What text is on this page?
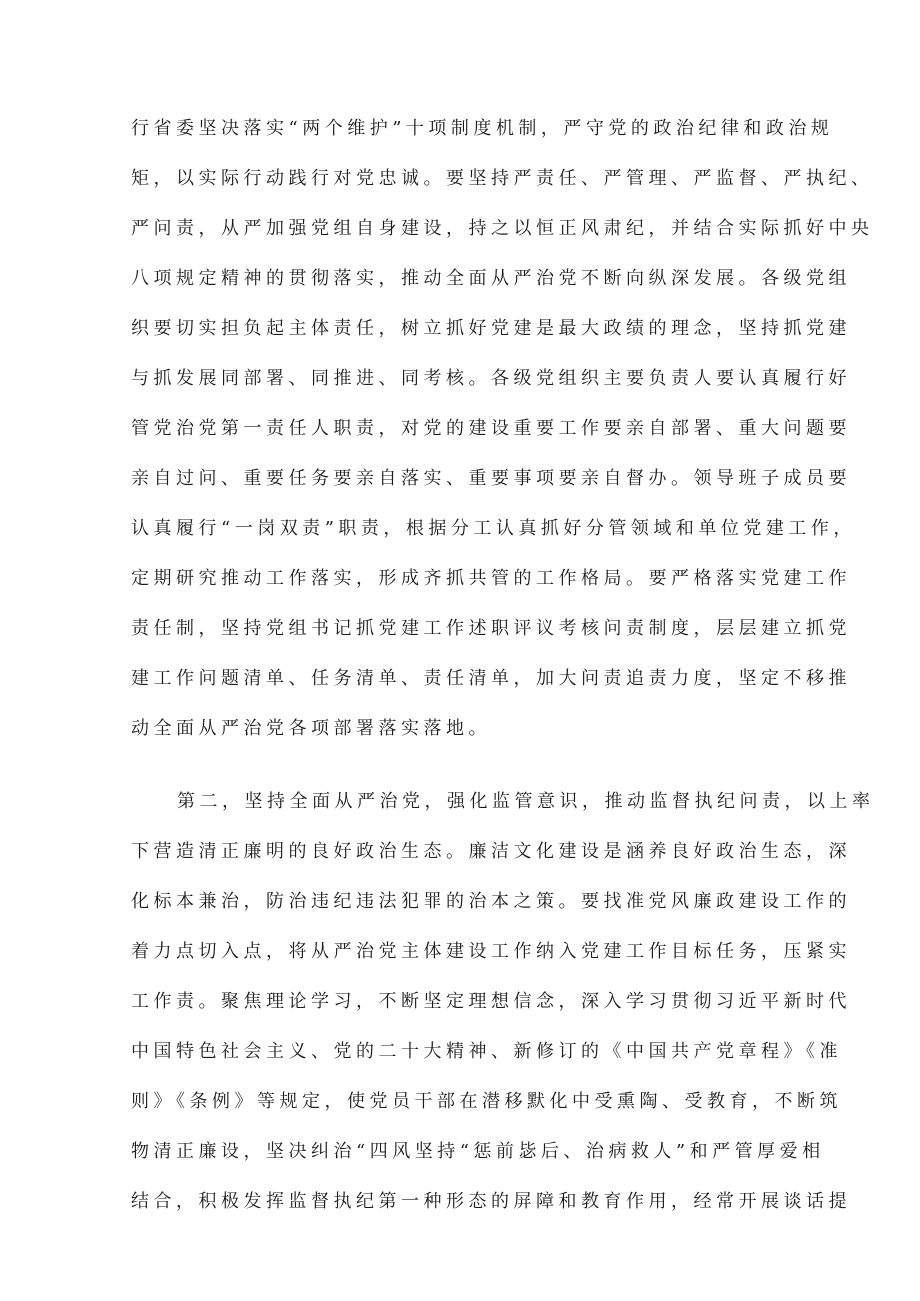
行省委坚决落实“两个维护”十项制度机制，严守党的政治纪律和政治规
矩，以实际行动践行对党忠诚。要坚持严责任、严管理、严监督、严执纪、
严问责，从严加强党组自身建设，持之以恒正风肃纪，并结合实际抓好中央
八项规定精神的贯彻落实，推动全面从严治党不断向纵深发展。各级党组
织要切实担负起主体责任，树立抓好党建是最大政绩的理念，坚持抓党建
与抓发展同部署、同推进、同考核。各级党组织主要负责人要认真履行好
管党治党第一责任人职责，对党的建设重要工作要亲自部署、重大问题要
亲自过问、重要任务要亲自落实、重要事项要亲自督办。领导班子成员要
认真履行“一岗双责”职责，根据分工认真抓好分管领域和单位党建工作，
定期研究推动工作落实，形成齐抓共管的工作格局。要严格落实党建工作
责任制，坚持党组书记抓党建工作述职评议考核问责制度，层层建立抓党
建工作问题清单、任务清单、责任清单，加大问责追责力度，坚定不移推
动全面从严治党各项部署落实落地。
第二，坚持全面从严治党，强化监管意识，推动监督执纪问责，以上率
下营造清正廉明的良好政治生态。廉洁文化建设是涵养良好政治生态，深
化标本兼治，防治违纪违法犯罪的治本之策。要找准党风廉政建设工作的
着力点切入点，将从严治党主体建设工作纳入党建工作目标任务，压紧实
工作责。聚焦理论学习，不断坚定理想信念，深入学习贯彻习近平新时代
中国特色社会主义、党的二十大精神、新修订的《中国共产党章程》《准
则》《条例》等规定，使党员干部在潜移默化中受熏陶、受教育，不断筑
物清正廉设，坚决纠治“四风坚持“惩前毖后、治病救人”和严管厚爱相
结合，积极发挥监督执纪第一种形态的屏障和教育作用，经常开展谈话提
